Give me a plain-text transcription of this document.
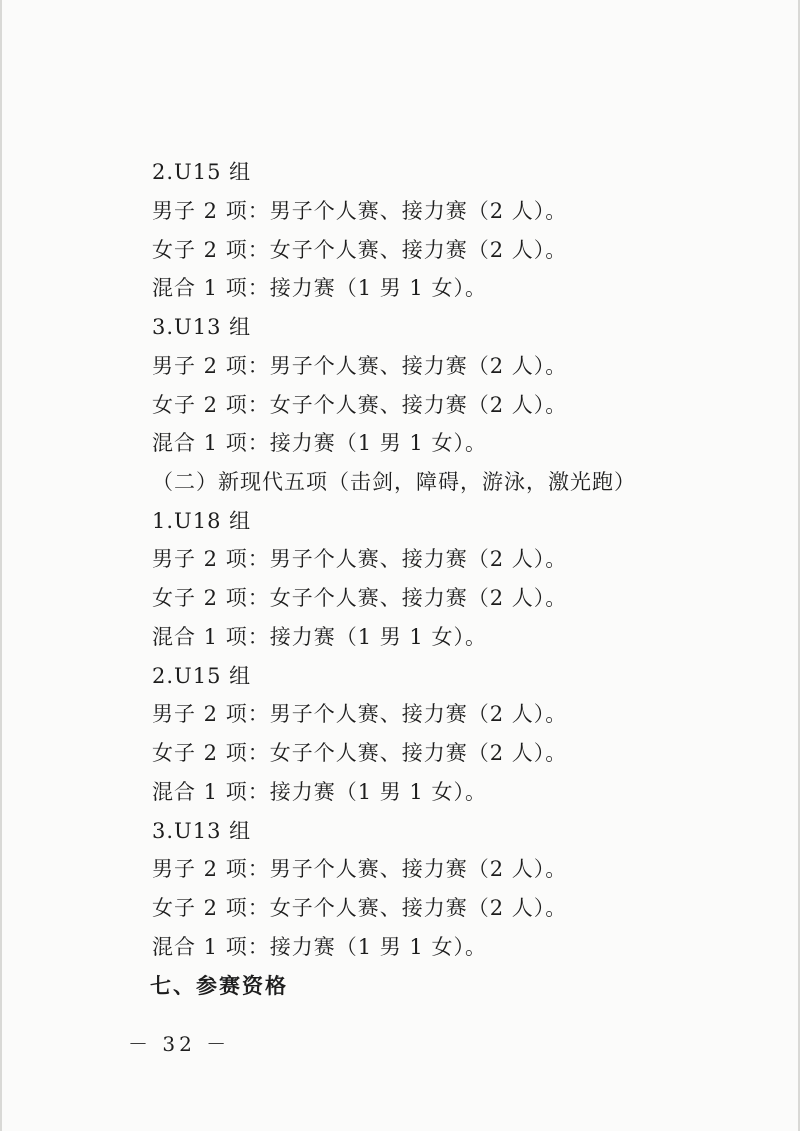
2.U15 组
男子 2 项：男子个人赛、接力赛（2 人）。
女子 2 项：女子个人赛、接力赛（2 人）。
混合 1 项：接力赛（1 男 1 女）。
3.U13 组
男子 2 项：男子个人赛、接力赛（2 人）。
女子 2 项：女子个人赛、接力赛（2 人）。
混合 1 项：接力赛（1 男 1 女）。
（二）新现代五项（击剑，障碍，游泳，激光跑）
1.U18 组
男子 2 项：男子个人赛、接力赛（2 人）。
女子 2 项：女子个人赛、接力赛（2 人）。
混合 1 项：接力赛（1 男 1 女）。
2.U15 组
男子 2 项：男子个人赛、接力赛（2 人）。
女子 2 项：女子个人赛、接力赛（2 人）。
混合 1 项：接力赛（1 男 1 女）。
3.U13 组
男子 2 项：男子个人赛、接力赛（2 人）。
女子 2 项：女子个人赛、接力赛（2 人）。
混合 1 项：接力赛（1 男 1 女）。
七、参赛资格
－ 32 －
